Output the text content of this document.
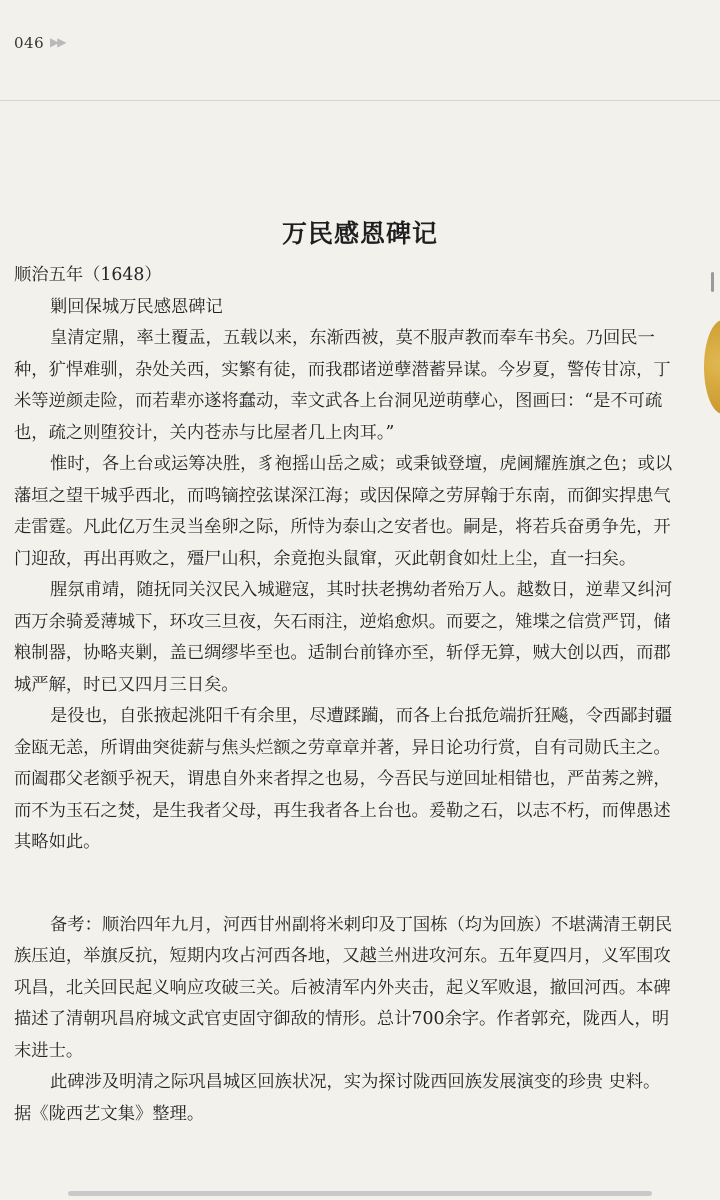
046 ▶▶
万民感恩碑记
顺治五年（1648）
剿回保城万民感恩碑记
皇清定鼎，率土覆盂，五载以来，东渐西被，莫不服声教而奉车书矣。乃回民一
种，犷悍难驯，杂处关西，实繁有徒，而我郡诸逆孽潜蓄异谋。今岁夏，警传甘凉，丁
米等逆颜走险，而若辈亦遂将蠢动，幸文武各上台洞见逆萌孽心，图画曰：“是不可疏
也，疏之则堕狡计，关内苍赤与比屋者几上肉耳。”
惟时，各上台或运筹决胜，豸袍摇山岳之威；或秉钺登壇，虎阃耀旌旗之色；或以
藩垣之望干城乎西北，而鸣镝控弦谋深江海；或因保障之劳屏翰于东南，而御实捍患气
走雷霆。凡此亿万生灵当垒卵之际，所恃为泰山之安者也。嗣是，将若兵奋勇争先，开
门迎敌，再出再败之，殭尸山积，余竟抱头鼠窜，灭此朝食如灶上尘，直一扫矣。
腥氛甫靖，随抚同关汉民入城避寇，其时扶老携幼者殆万人。越数日，逆辈又纠河
西万余骑爰薄城下，环攻三旦夜，矢石雨注，逆焰愈炽。而要之，雉堞之信赏严罚，储
粮制器，协略夹剿，盖已绸缪毕至也。适制台前锋亦至，斩俘无算，贼大创以西，而郡
城严解，时已又四月三日矣。
是役也，自张掖起洮阳千有余里，尽遭蹂躏，而各上台抵危端折狂飚，令西鄙封疆
金瓯无恙，所谓曲突徙薪与焦头烂额之劳章章并著，异日论功行赏，自有司勋氏主之。
而阖郡父老额乎祝天，谓患自外来者捍之也易，今吾民与逆回址相错也，严苗莠之辨，
而不为玉石之焚，是生我者父母，再生我者各上台也。爰勒之石，以志不朽，而俾愚述
其略如此。
备考：顺治四年九月，河西甘州副将米剌印及丁国栋（均为回族）不堪满清王朝民
族压迫，举旗反抗，短期内攻占河西各地，又越兰州进攻河东。五年夏四月，义军围攻
巩昌，北关回民起义响应攻破三关。后被清军内外夹击，起义军败退，撤回河西。本碑
描述了清朝巩昌府城文武官吏固守御敌的情形。总计700余字。作者郭充，陇西人，明
末进士。
此碑涉及明清之际巩昌城区回族状况，实为探讨陇西回族发展演变的珍贵 史料。
据《陇西艺文集》整理。
